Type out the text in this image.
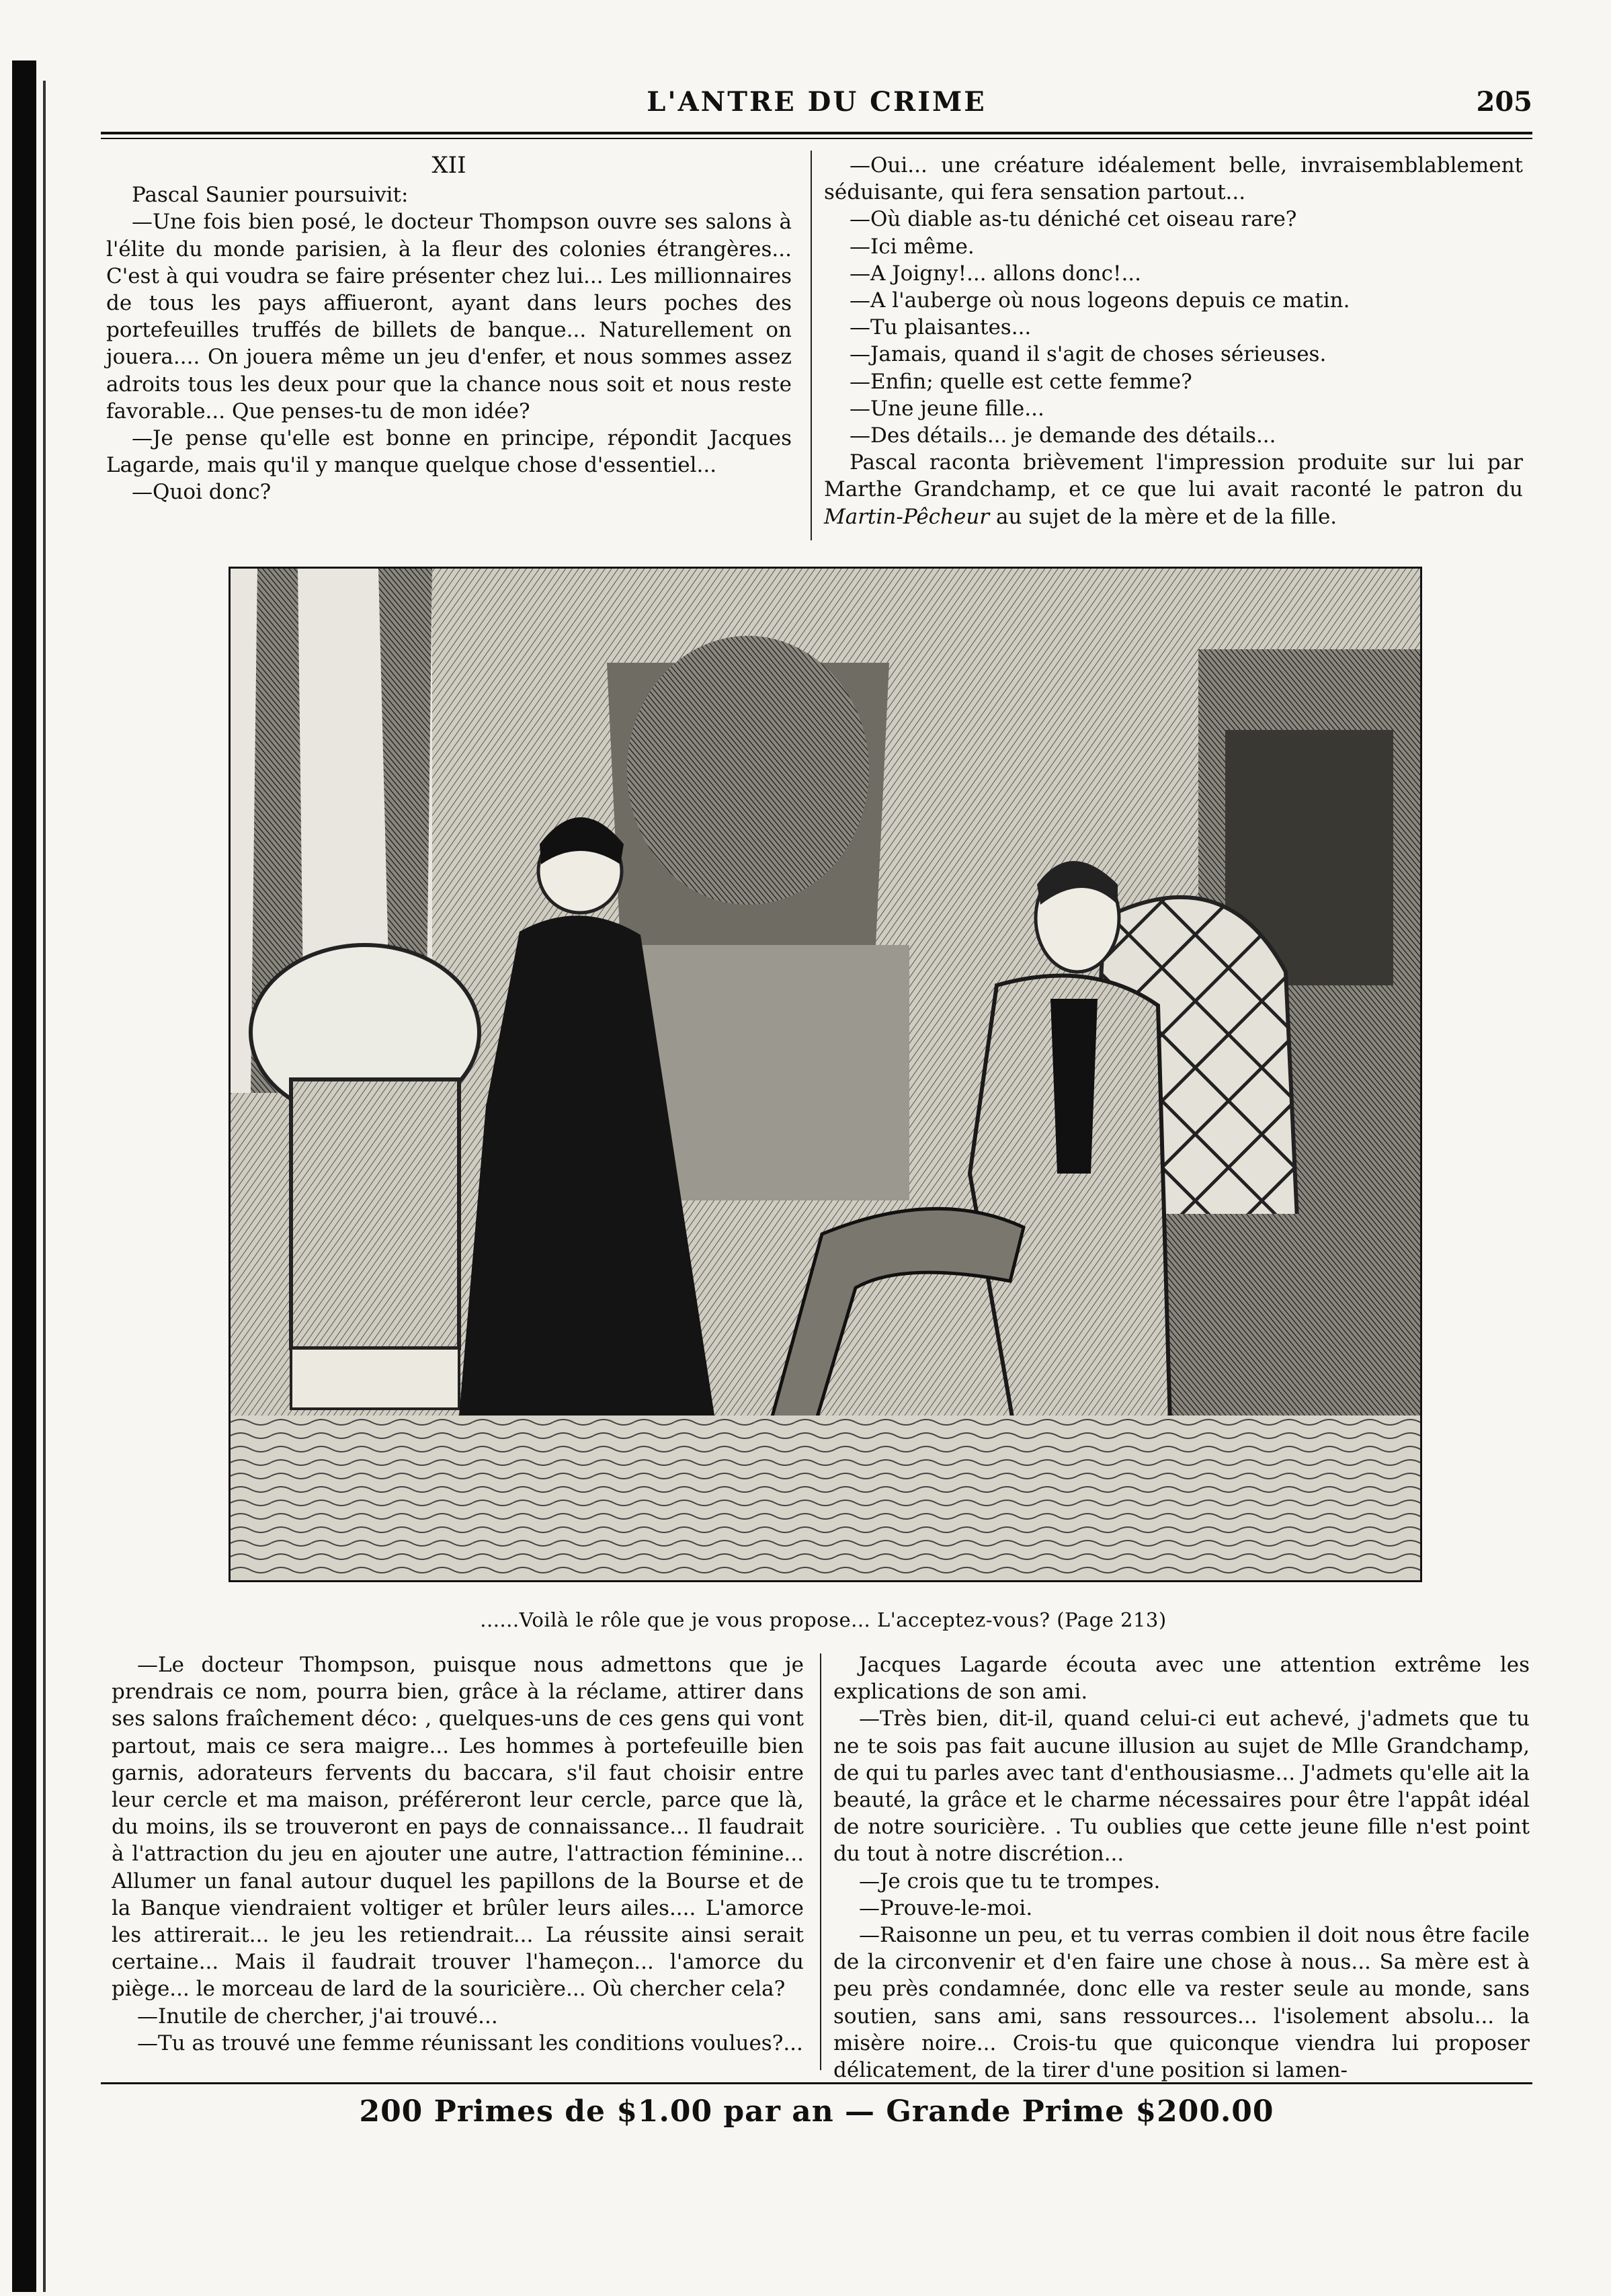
L'ANTRE DU CRIME	205

XII

Pascal Saunier poursuivit:

—Une fois bien posé, le docteur Thompson ouvre ses salons à l'élite du monde parisien, à la fleur des colonies étrangères... C'est à qui voudra se faire présenter chez lui... Les millionnaires de tous les pays affiueront, ayant dans leurs poches des portefeuilles truffés de billets de banque... Naturellement on jouera.... On jouera même un jeu d'enfer, et nous sommes assez adroits tous les deux pour que la chance nous soit et nous reste favorable... Que penses-tu de mon idée?

—Je pense qu'elle est bonne en principe, répondit Jacques Lagarde, mais qu'il y manque quelque chose d'essentiel...

—Quoi donc?

—Oui... une créature idéalement belle, invraisemblablement séduisante, qui fera sensation partout...

—Où diable as-tu déniché cet oiseau rare?

—Ici même.

—A Joigny!... allons donc!...

—A l'auberge où nous logeons depuis ce matin.

—Tu plaisantes...

—Jamais, quand il s'agit de choses sérieuses.

—Enfin; quelle est cette femme?

—Une jeune fille...

—Des détails... je demande des détails...

Pascal raconta brièvement l'impression produite sur lui par Marthe Grandchamp, et ce que lui avait raconté le patron du Martin-Pêcheur au sujet de la mère et de la fille.

......Voilà le rôle que je vous propose... L'acceptez-vous? (Page 213)

—Le docteur Thompson, puisque nous admettons que je prendrais ce nom, pourra bien, grâce à la réclame, attirer dans ses salons fraîchement déco: , quelques-uns de ces gens qui vont partout, mais ce sera maigre... Les hommes à portefeuille bien garnis, adorateurs fervents du baccara, s'il faut choisir entre leur cercle et ma maison, préféreront leur cercle, parce que là, du moins, ils se trouveront en pays de connaissance... Il faudrait à l'attraction du jeu en ajouter une autre, l'attraction féminine... Allumer un fanal autour duquel les papillons de la Bourse et de la Banque viendraient voltiger et brûler leurs ailes.... L'amorce les attirerait... le jeu les retiendrait... La réussite ainsi serait certaine... Mais il faudrait trouver l'hameçon... l'amorce du piège... le morceau de lard de la souricière... Où chercher cela?

—Inutile de chercher, j'ai trouvé...

—Tu as trouvé une femme réunissant les conditions voulues?...

Jacques Lagarde écouta avec une attention extrême les explications de son ami.

—Très bien, dit-il, quand celui-ci eut achevé, j'admets que tu ne te sois pas fait aucune illusion au sujet de Mlle Grandchamp, de qui tu parles avec tant d'enthousiasme... J'admets qu'elle ait la beauté, la grâce et le charme nécessaires pour être l'appât idéal de notre souricière. . Tu oublies que cette jeune fille n'est point du tout à notre discrétion...

—Je crois que tu te trompes.

—Prouve-le-moi.

—Raisonne un peu, et tu verras combien il doit nous être facile de la circonvenir et d'en faire une chose à nous... Sa mère est à peu près condamnée, donc elle va rester seule au monde, sans soutien, sans ami, sans ressources... l'isolement absolu... la misère noire... Crois-tu que quiconque viendra lui proposer délicatement, de la tirer d'une position si lamen-

200 Primes de $1.00 par an — Grande Prime $200.00
